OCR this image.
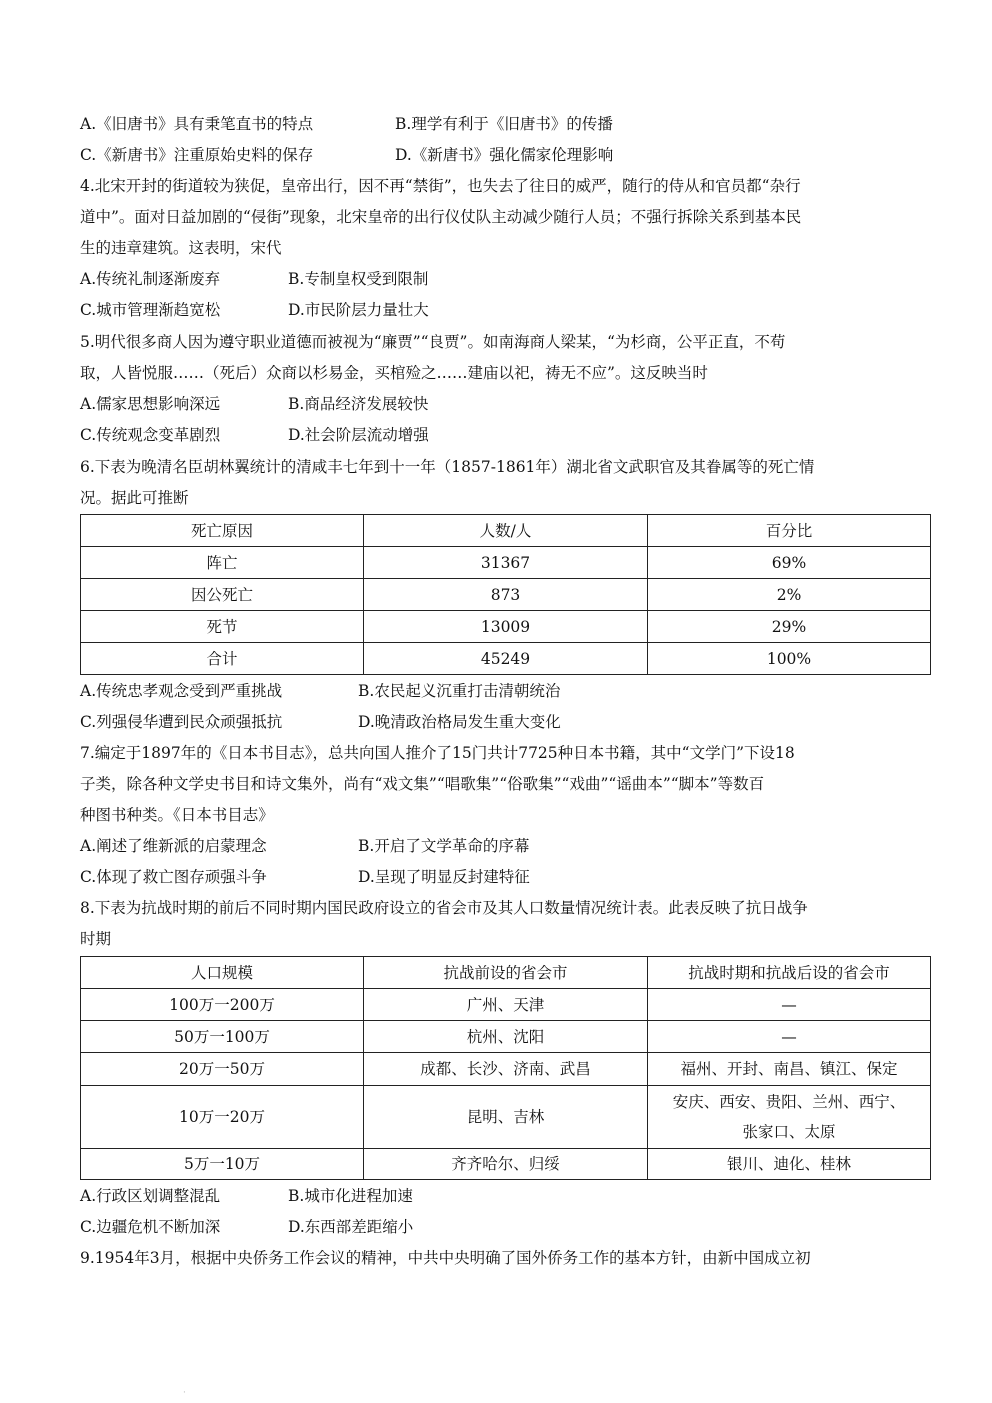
A.《旧唐书》具有秉笔直书的特点	B.理学有利于《旧唐书》的传播
C.《新唐书》注重原始史料的保存	D.《新唐书》强化儒家伦理影响
4.北宋开封的街道较为狭促，皇帝出行，因不再“禁街”，也失去了往日的威严，随行的侍从和官员都“杂行
道中”。面对日益加剧的“侵街”现象，北宋皇帝的出行仪仗队主动减少随行人员；不强行拆除关系到基本民
生的违章建筑。这表明，宋代
A.传统礼制逐渐废弃	B.专制皇权受到限制
C.城市管理渐趋宽松	D.市民阶层力量壮大
5.明代很多商人因为遵守职业道德而被视为“廉贾”“良贾”。如南海商人梁某，“为杉商，公平正直，不苟
取，人皆悦服……（死后）众商以杉易金，买棺殓之……建庙以祀，祷无不应”。这反映当时
A.儒家思想影响深远	B.商品经济发展较快
C.传统观念变革剧烈	D.社会阶层流动增强
6.下表为晚清名臣胡林翼统计的清咸丰七年到十一年（1857-1861年）湖北省文武职官及其眷属等的死亡情
况。据此可推断
死亡原因	人数/人	百分比
阵亡	31367	69%
因公死亡	873	2%
死节	13009	29%
合计	45249	100%
A.传统忠孝观念受到严重挑战	B.农民起义沉重打击清朝统治
C.列强侵华遭到民众顽强抵抗	D.晚清政治格局发生重大变化
7.编定于1897年的《日本书目志》，总共向国人推介了15门共计7725种日本书籍，其中“文学门”下设18
子类，除各种文学史书目和诗文集外，尚有“戏文集”“唱歌集”“俗歌集”“戏曲”“谣曲本”“脚本”等数百
种图书种类。《日本书目志》
A.阐述了维新派的启蒙理念	B.开启了文学革命的序幕
C.体现了救亡图存顽强斗争	D.呈现了明显反封建特征
8.下表为抗战时期的前后不同时期内国民政府设立的省会市及其人口数量情况统计表。此表反映了抗日战争
时期
人口规模	抗战前设的省会市	抗战时期和抗战后设的省会市
100万一200万	广州、天津	—
50万一100万	杭州、沈阳	—
20万一50万	成都、长沙、济南、武昌	福州、开封、南昌、镇江、保定
10万一20万	昆明、吉林	安庆、西安、贵阳、兰州、西宁、
张家口、太原

5万一10万	齐齐哈尔、归绥	银川、迪化、桂林
A.行政区划调整混乱	B.城市化进程加速
C.边疆危机不断加深	D.东西部差距缩小
9.1954年3月，根据中央侨务工作会议的精神，中共中央明确了国外侨务工作的基本方针，由新中国成立初
·
